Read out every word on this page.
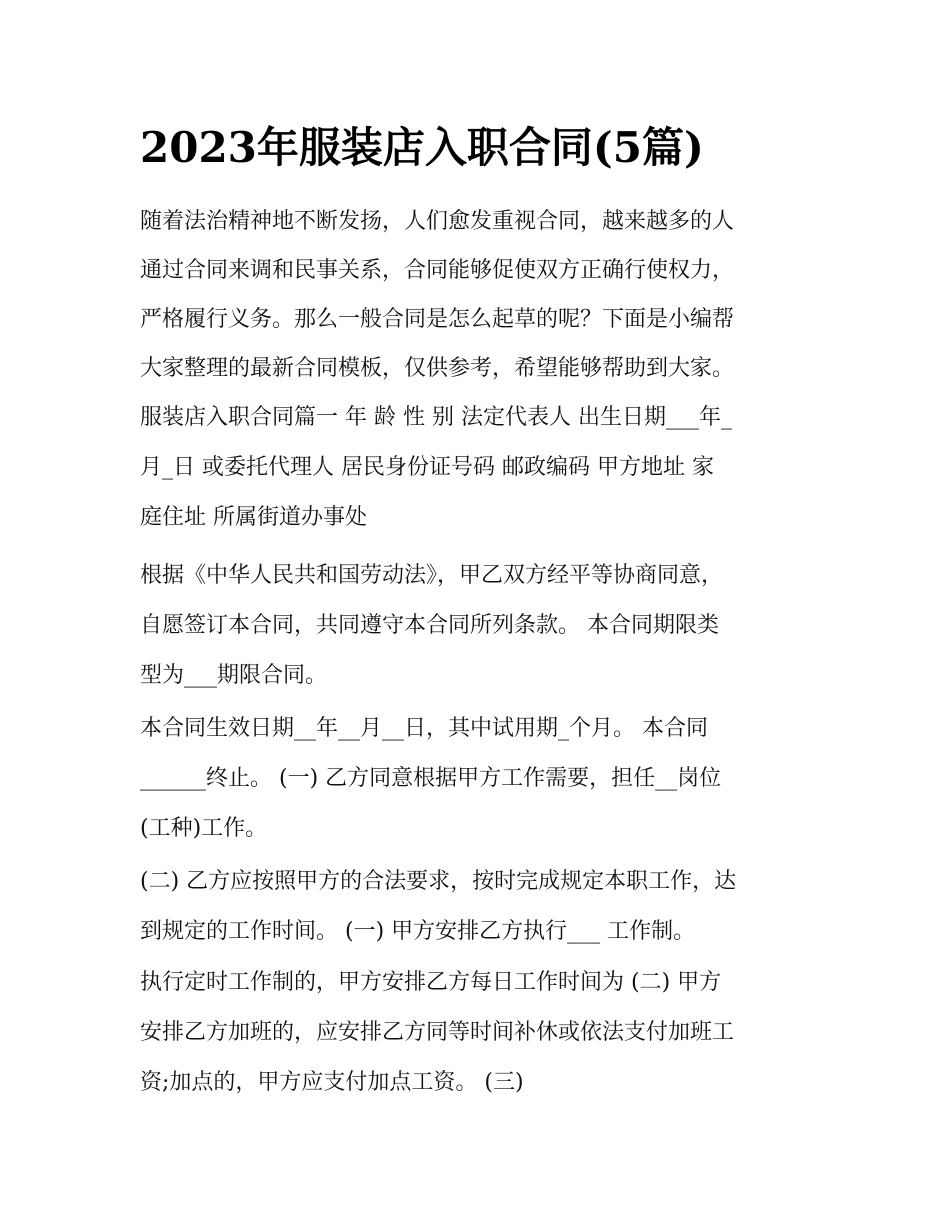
2023年服装店入职合同(5篇)

随着法治精神地不断发扬，人们愈发重视合同，越来越多的人

通过合同来调和民事关系，合同能够促使双方正确行使权力，

严格履行义务。那么一般合同是怎么起草的呢？下面是小编帮

大家整理的最新合同模板，仅供参考，希望能够帮助到大家。

服装店入职合同篇一 年 龄 性 别 法定代表人 出生日期___年_

月_日 或委托代理人 居民身份证号码 邮政编码 甲方地址 家

庭住址 所属街道办事处

根据《中华人民共和国劳动法》，甲乙双方经平等协商同意，

自愿签订本合同，共同遵守本合同所列条款。 本合同期限类

型为___期限合同。

本合同生效日期__年__月__日，其中试用期_个月。 本合同

______终止。 (一) 乙方同意根据甲方工作需要，担任__岗位

(工种)工作。

(二) 乙方应按照甲方的合法要求，按时完成规定本职工作，达

到规定的工作时间。 (一) 甲方安排乙方执行___ 工作制。

执行定时工作制的，甲方安排乙方每日工作时间为 (二) 甲方

安排乙方加班的，应安排乙方同等时间补休或依法支付加班工

资;加点的，甲方应支付加点工资。 (三)
